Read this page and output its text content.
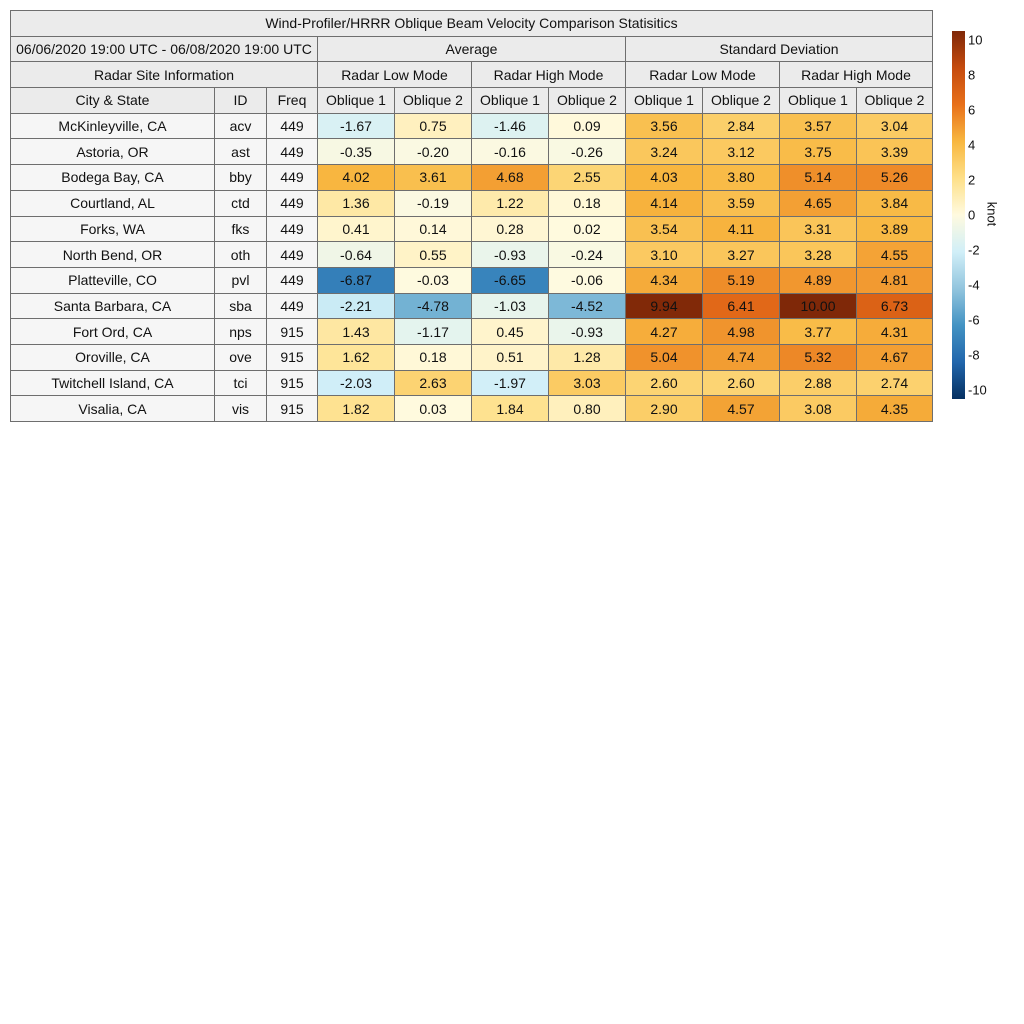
Wind-Profiler/HRRR Oblique Beam Velocity Comparison Statisitics										
06/06/2020 19:00 UTC - 06/08/2020 19:00 UTC			Average				Standard Deviation			
Radar Site Information			Radar Low Mode		Radar High Mode		Radar Low Mode		Radar High Mode	
City & State	ID	Freq	Oblique 1	Oblique 2	Oblique 1	Oblique 2	Oblique 1	Oblique 2	Oblique 1	Oblique 2
McKinleyville, CA	acv	449	-1.67	0.75	-1.46	0.09	3.56	2.84	3.57	3.04
Astoria, OR	ast	449	-0.35	-0.20	-0.16	-0.26	3.24	3.12	3.75	3.39
Bodega Bay, CA	bby	449	4.02	3.61	4.68	2.55	4.03	3.80	5.14	5.26
Courtland, AL	ctd	449	1.36	-0.19	1.22	0.18	4.14	3.59	4.65	3.84
Forks, WA	fks	449	0.41	0.14	0.28	0.02	3.54	4.11	3.31	3.89
North Bend, OR	oth	449	-0.64	0.55	-0.93	-0.24	3.10	3.27	3.28	4.55
Platteville, CO	pvl	449	-6.87	-0.03	-6.65	-0.06	4.34	5.19	4.89	4.81
Santa Barbara, CA	sba	449	-2.21	-4.78	-1.03	-4.52	9.94	6.41	10.00	6.73
Fort Ord, CA	nps	915	1.43	-1.17	0.45	-0.93	4.27	4.98	3.77	4.31
Oroville, CA	ove	915	1.62	0.18	0.51	1.28	5.04	4.74	5.32	4.67
Twitchell Island, CA	tci	915	-2.03	2.63	-1.97	3.03	2.60	2.60	2.88	2.74
Visalia, CA	vis	915	1.82	0.03	1.84	0.80	2.90	4.57	3.08	4.35
10
8
6
4
2
0
-2
-4
-6
-8
-10
knot
